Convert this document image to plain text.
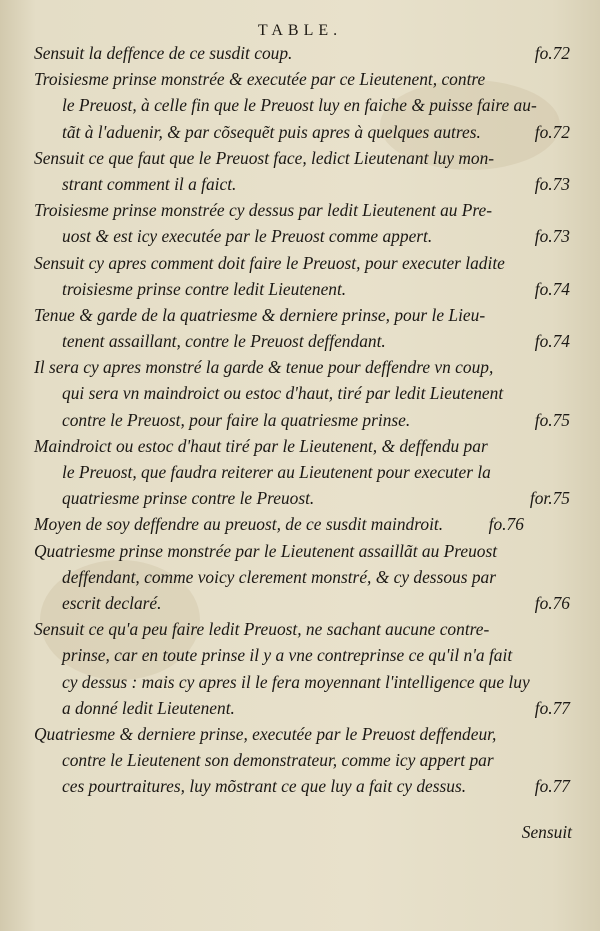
TABLE.
fo.72
Sensuit la deffence de ce susdit coup.
Troisiesme prinse monstrée & executée par ce Lieutenent, contre
le Preuost, à celle fin que le Preuost luy en faiche & puisse faire au-
fo.72
tãt à l'aduenir, & par cõsequẽt puis apres à quelques autres.
Sensuit ce que faut que le Preuost face, ledict Lieutenant luy mon-
fo.73
strant comment il a faict.
Troisiesme prinse monstrée cy dessus par ledit Lieutenent au Pre-
fo.73
uost & est icy executée par le Preuost comme appert.
Sensuit cy apres comment doit faire le Preuost, pour executer ladite
fo.74
troisiesme prinse contre ledit Lieutenent.
Tenue & garde de la quatriesme & derniere prinse, pour le Lieu-
fo.74
tenent assaillant, contre le Preuost deffendant.
Il sera cy apres monstré la garde & tenue pour deffendre vn coup,
qui sera vn maindroict ou estoc d'haut, tiré par ledit Lieutenent
fo.75
contre le Preuost, pour faire la quatriesme prinse.
Maindroict ou estoc d'haut tiré par le Lieutenent, & deffendu par
le Preuost, que faudra reiterer au Lieutenent pour executer la
for.75
quatriesme prinse contre le Preuost.
fo.76
Moyen de soy deffendre au preuost, de ce susdit maindroit.
Quatriesme prinse monstrée par le Lieutenent assaillãt au Preuost
deffendant, comme voicy clerement monstré, & cy dessous par
fo.76
escrit declaré.
Sensuit ce qu'a peu faire ledit Preuost, ne sachant aucune contre-
prinse, car en toute prinse il y a vne contreprinse ce qu'il n'a fait
cy dessus : mais cy apres il le fera moyennant l'intelligence que luy
fo.77
a donné ledit Lieutenent.
Quatriesme & derniere prinse, executée par le Preuost deffendeur,
contre le Lieutenent son demonstrateur, comme icy appert par
fo.77
ces pourtraitures, luy mõstrant ce que luy a fait cy dessus.
Sensuit
